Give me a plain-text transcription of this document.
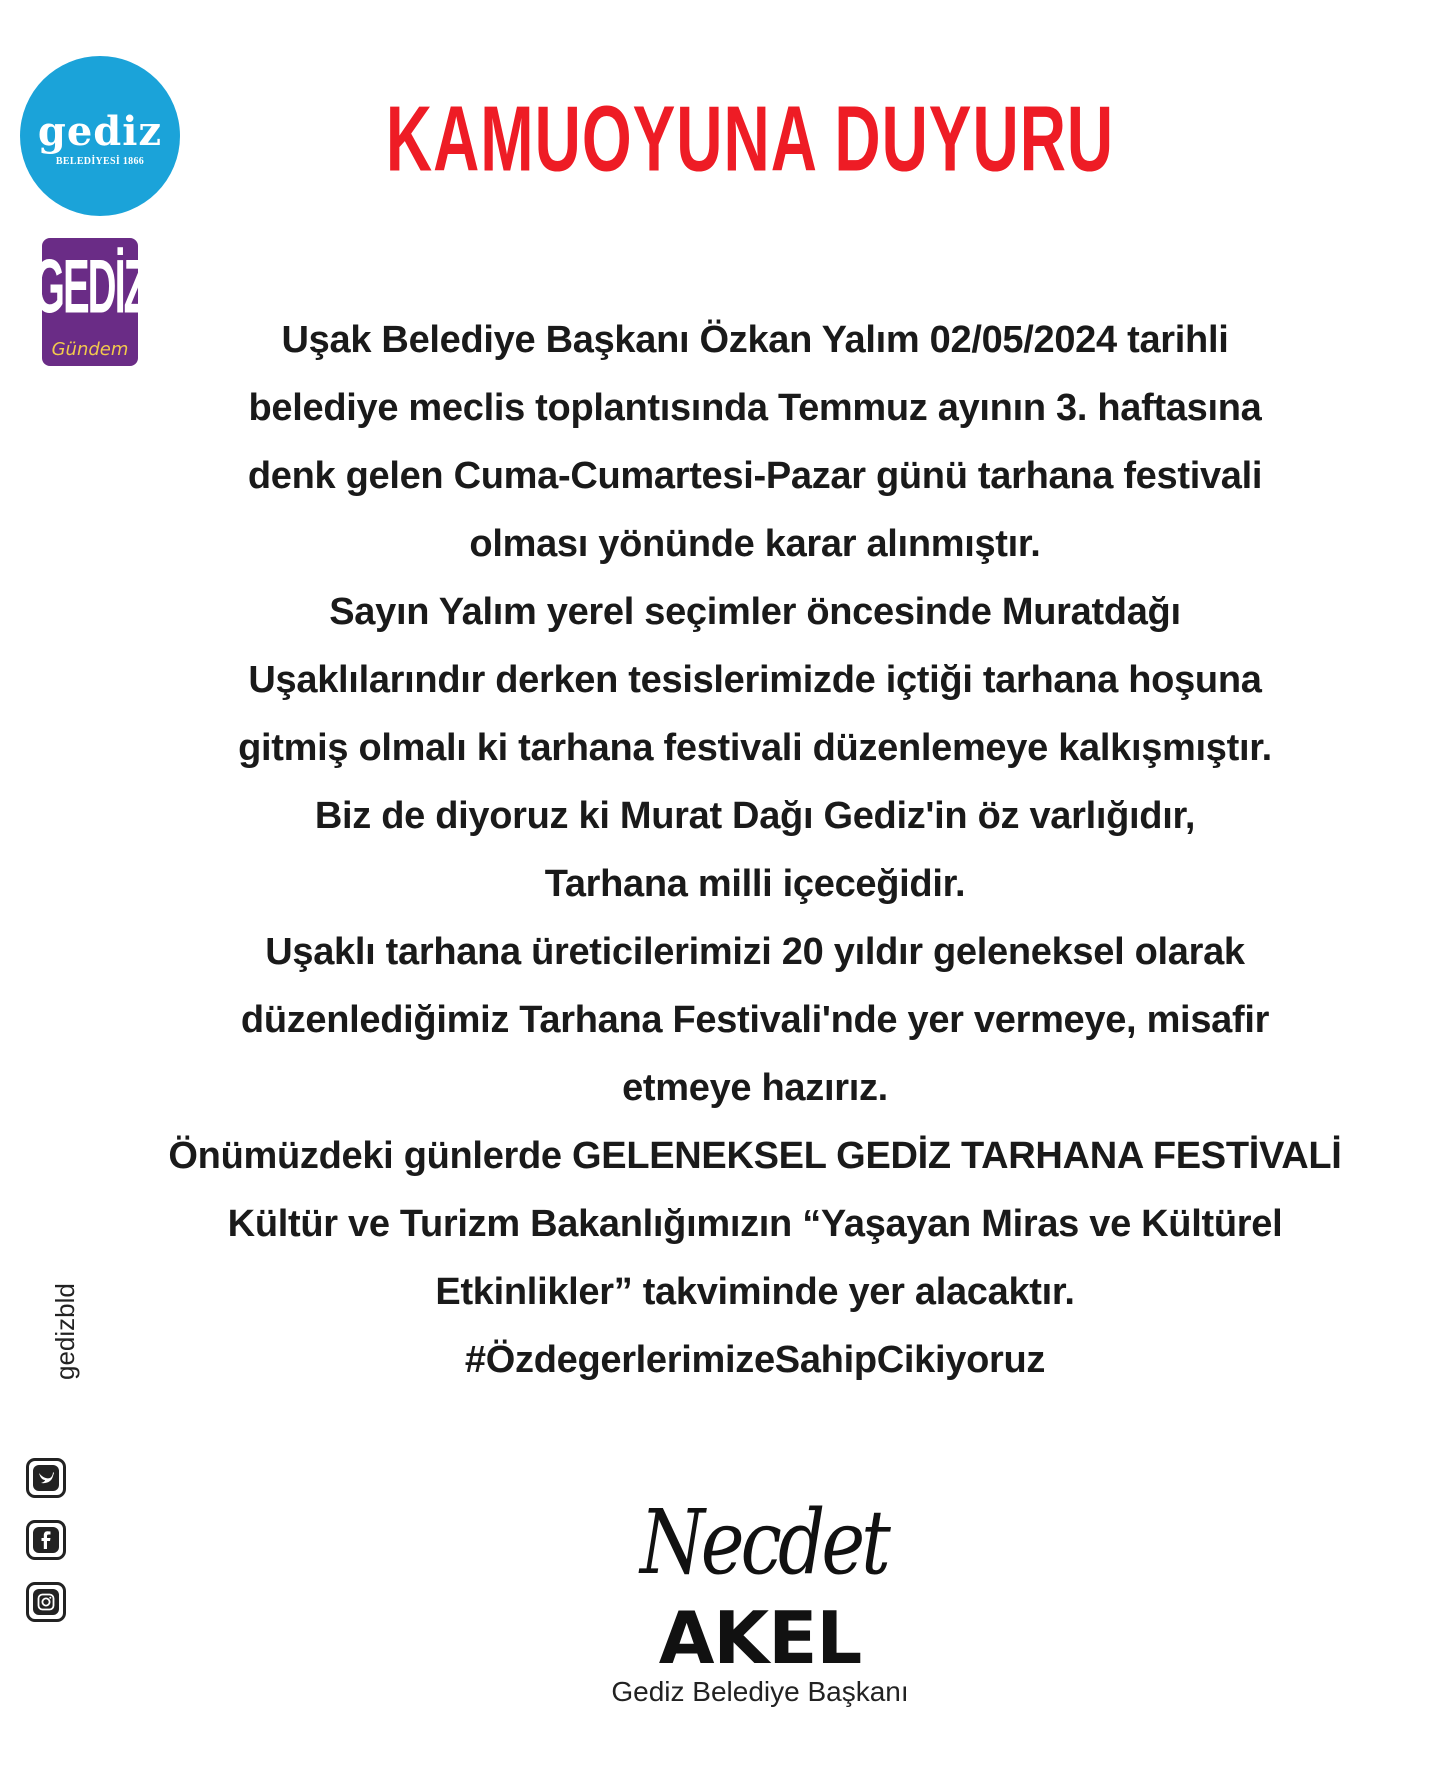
gediz
BELEDİYESİ 1866
GEDİZ
Gündem
KAMUOYUNA DUYURU
Uşak Belediye Başkanı Özkan Yalım 02/05/2024 tarihli
belediye meclis toplantısında Temmuz ayının 3. haftasına
denk gelen Cuma-Cumartesi-Pazar günü tarhana festivali
olması yönünde karar alınmıştır.
Sayın Yalım yerel seçimler öncesinde Muratdağı
Uşaklılarındır derken tesislerimizde içtiği tarhana hoşuna
gitmiş olmalı ki tarhana festivali düzenlemeye kalkışmıştır.
Biz de diyoruz ki Murat Dağı Gediz'in öz varlığıdır,
Tarhana milli içeceğidir.
Uşaklı tarhana üreticilerimizi 20 yıldır geleneksel olarak
düzenlediğimiz Tarhana Festivali'nde yer vermeye, misafir
etmeye hazırız.
Önümüzdeki günlerde GELENEKSEL GEDİZ TARHANA FESTİVALİ
Kültür ve Turizm Bakanlığımızın “Yaşayan Miras ve Kültürel
Etkinlikler” takviminde yer alacaktır.
#ÖzdegerlerimizeSahipCikiyoruz
gedizbld
Necdet
AKEL
Gediz Belediye Başkanı
